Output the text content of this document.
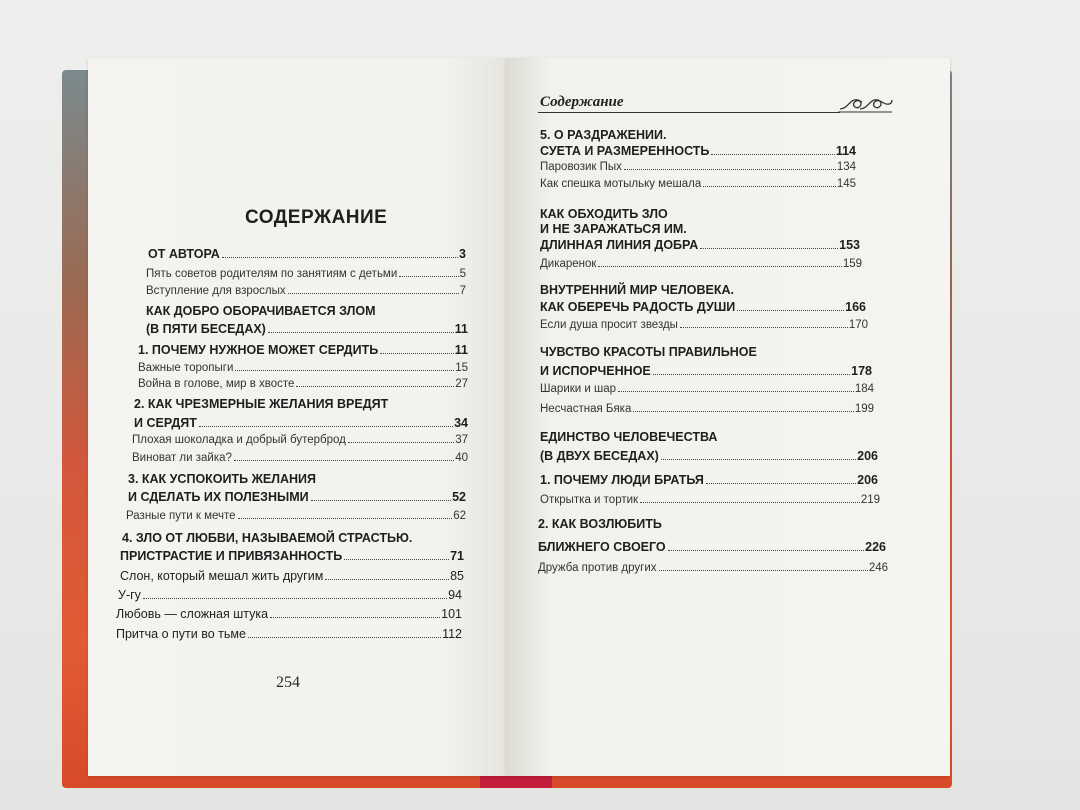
СОДЕРЖАНИЕ
ОТ АВТОРА	3
Пять советов родителям по занятиям с детьми	5
Вступление для взрослых	7
КАК ДОБРО ОБОРАЧИВАЕТСЯ ЗЛОМ
(В ПЯТИ БЕСЕДАХ)	11
1. ПОЧЕМУ НУЖНОЕ МОЖЕТ СЕРДИТЬ	11
Важные торопыги	15
Война в голове, мир в хвосте	27
2. КАК ЧРЕЗМЕРНЫЕ ЖЕЛАНИЯ ВРЕДЯТ
И СЕРДЯТ	34
Плохая шоколадка и добрый бутерброд	37
Виноват ли зайка?	40
3. КАК УСПОКОИТЬ ЖЕЛАНИЯ
И СДЕЛАТЬ ИХ ПОЛЕЗНЫМИ	52
Разные пути к мечте	62
4. ЗЛО ОТ ЛЮБВИ, НАЗЫВАЕМОЙ СТРАСТЬЮ.
ПРИСТРАСТИЕ И ПРИВЯЗАННОСТЬ	71
Слон, который мешал жить другим	85
У-гу	94
Любовь — сложная штука	101
Притча о пути во тьме	112
254
Содержание
5. О РАЗДРАЖЕНИИ.
СУЕТА И РАЗМЕРЕННОСТЬ	114
Паровозик Пых	134
Как спешка мотыльку мешала	145
КАК ОБХОДИТЬ ЗЛО
И НЕ ЗАРАЖАТЬСЯ ИМ.
ДЛИННАЯ ЛИНИЯ ДОБРА	153
Дикаренок	159
ВНУТРЕННИЙ МИР ЧЕЛОВЕКА.
КАК ОБЕРЕЧЬ РАДОСТЬ ДУШИ	166
Если душа просит звезды	170
ЧУВСТВО КРАСОТЫ ПРАВИЛЬНОЕ
И ИСПОРЧЕННОЕ	178
Шарики и шар	184
Несчастная Бяка	199
ЕДИНСТВО ЧЕЛОВЕЧЕСТВА
(В ДВУХ БЕСЕДАХ)	206
1. ПОЧЕМУ ЛЮДИ БРАТЬЯ	206
Открытка и тортик	219
2. КАК ВОЗЛЮБИТЬ
БЛИЖНЕГО СВОЕГО	226
Дружба против других	246
